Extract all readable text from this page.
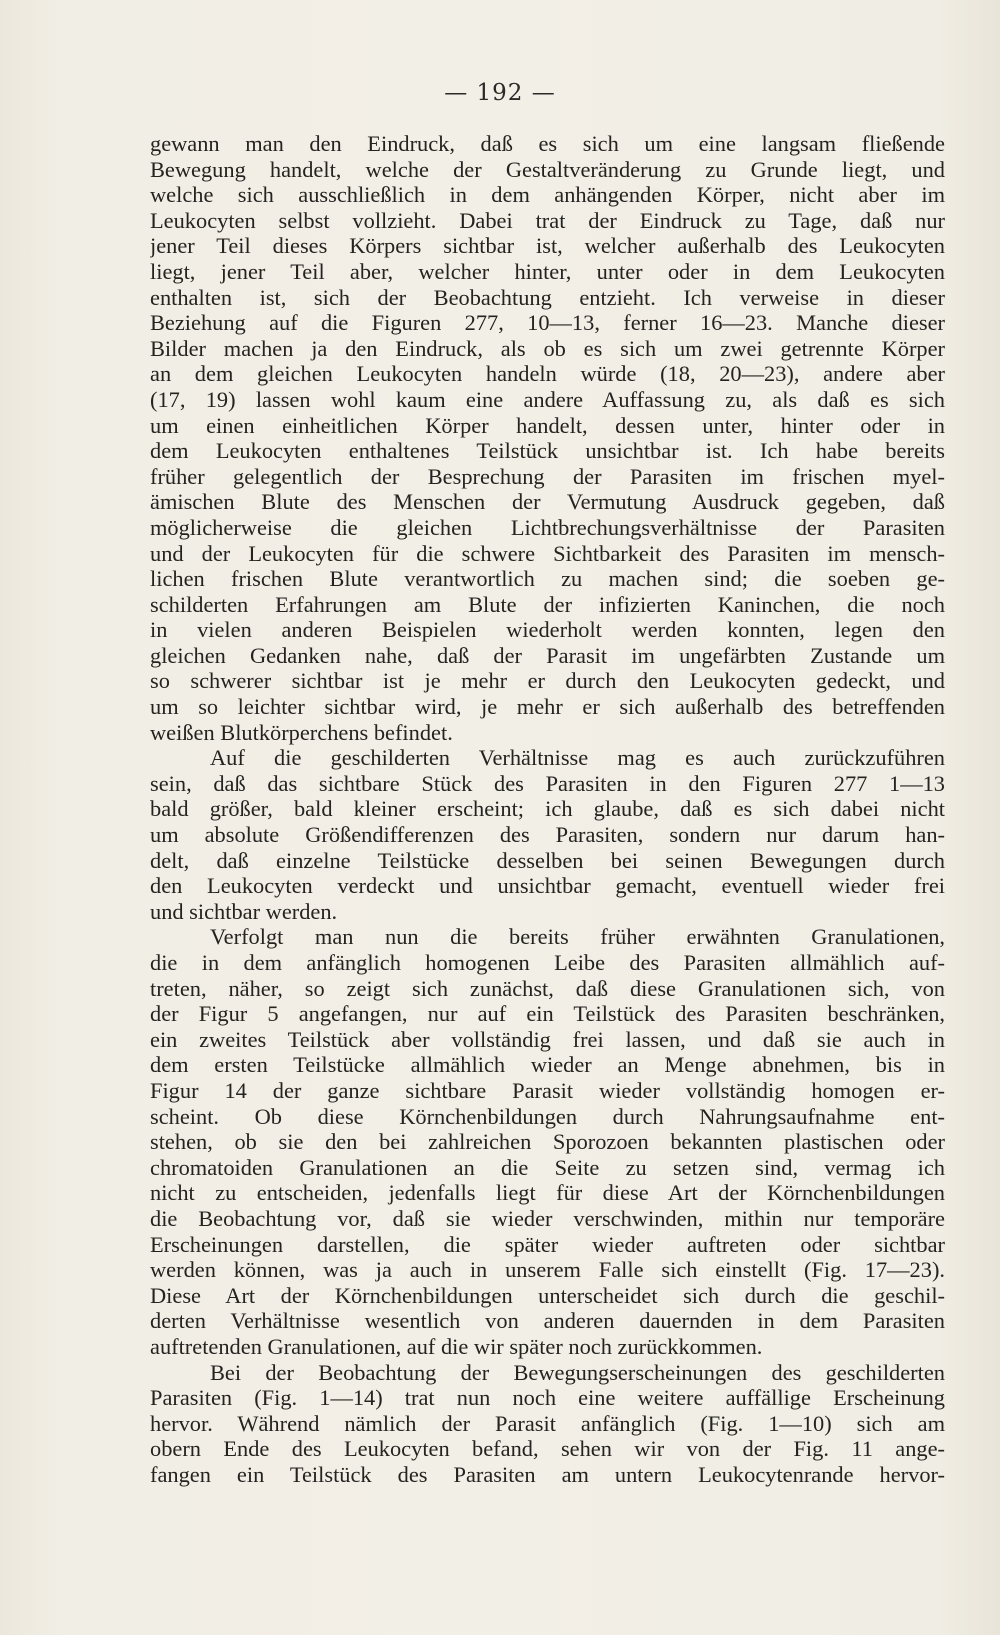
— 192 —
gewann man den Eindruck, daß es sich um eine langsam fließende
Bewegung handelt, welche der Gestaltveränderung zu Grunde liegt, und
welche sich ausschließlich in dem anhängenden Körper, nicht aber im
Leukocyten selbst vollzieht. Dabei trat der Eindruck zu Tage, daß nur
jener Teil dieses Körpers sichtbar ist, welcher außerhalb des Leukocyten
liegt, jener Teil aber, welcher hinter, unter oder in dem Leukocyten
enthalten ist, sich der Beobachtung entzieht. Ich verweise in dieser
Beziehung auf die Figuren 277, 10—13, ferner 16—23. Manche dieser
Bilder machen ja den Eindruck, als ob es sich um zwei getrennte Körper
an dem gleichen Leukocyten handeln würde (18, 20—23), andere aber
(17, 19) lassen wohl kaum eine andere Auffassung zu, als daß es sich
um einen einheitlichen Körper handelt, dessen unter, hinter oder in
dem Leukocyten enthaltenes Teilstück unsichtbar ist. Ich habe bereits
früher gelegentlich der Besprechung der Parasiten im frischen myel-
ämischen Blute des Menschen der Vermutung Ausdruck gegeben, daß
möglicherweise die gleichen Lichtbrechungsverhältnisse der Parasiten
und der Leukocyten für die schwere Sichtbarkeit des Parasiten im mensch-
lichen frischen Blute verantwortlich zu machen sind; die soeben ge-
schilderten Erfahrungen am Blute der infizierten Kaninchen, die noch
in vielen anderen Beispielen wiederholt werden konnten, legen den
gleichen Gedanken nahe, daß der Parasit im ungefärbten Zustande um
so schwerer sichtbar ist je mehr er durch den Leukocyten gedeckt, und
um so leichter sichtbar wird, je mehr er sich außerhalb des betreffenden
weißen Blutkörperchens befindet.
Auf die geschilderten Verhältnisse mag es auch zurückzuführen
sein, daß das sichtbare Stück des Parasiten in den Figuren 277 1—13
bald größer, bald kleiner erscheint; ich glaube, daß es sich dabei nicht
um absolute Größendifferenzen des Parasiten, sondern nur darum han-
delt, daß einzelne Teilstücke desselben bei seinen Bewegungen durch
den Leukocyten verdeckt und unsichtbar gemacht, eventuell wieder frei
und sichtbar werden.
Verfolgt man nun die bereits früher erwähnten Granulationen,
die in dem anfänglich homogenen Leibe des Parasiten allmählich auf-
treten, näher, so zeigt sich zunächst, daß diese Granulationen sich, von
der Figur 5 angefangen, nur auf ein Teilstück des Parasiten beschränken,
ein zweites Teilstück aber vollständig frei lassen, und daß sie auch in
dem ersten Teilstücke allmählich wieder an Menge abnehmen, bis in
Figur 14 der ganze sichtbare Parasit wieder vollständig homogen er-
scheint. Ob diese Körnchenbildungen durch Nahrungsaufnahme ent-
stehen, ob sie den bei zahlreichen Sporozoen bekannten plastischen oder
chromatoiden Granulationen an die Seite zu setzen sind, vermag ich
nicht zu entscheiden, jedenfalls liegt für diese Art der Körnchenbildungen
die Beobachtung vor, daß sie wieder verschwinden, mithin nur temporäre
Erscheinungen darstellen, die später wieder auftreten oder sichtbar
werden können, was ja auch in unserem Falle sich einstellt (Fig. 17—23).
Diese Art der Körnchenbildungen unterscheidet sich durch die geschil-
derten Verhältnisse wesentlich von anderen dauernden in dem Parasiten
auftretenden Granulationen, auf die wir später noch zurückkommen.
Bei der Beobachtung der Bewegungserscheinungen des geschilderten
Parasiten (Fig. 1—14) trat nun noch eine weitere auffällige Erscheinung
hervor. Während nämlich der Parasit anfänglich (Fig. 1—10) sich am
obern Ende des Leukocyten befand, sehen wir von der Fig. 11 ange-
fangen ein Teilstück des Parasiten am untern Leukocytenrande hervor-
